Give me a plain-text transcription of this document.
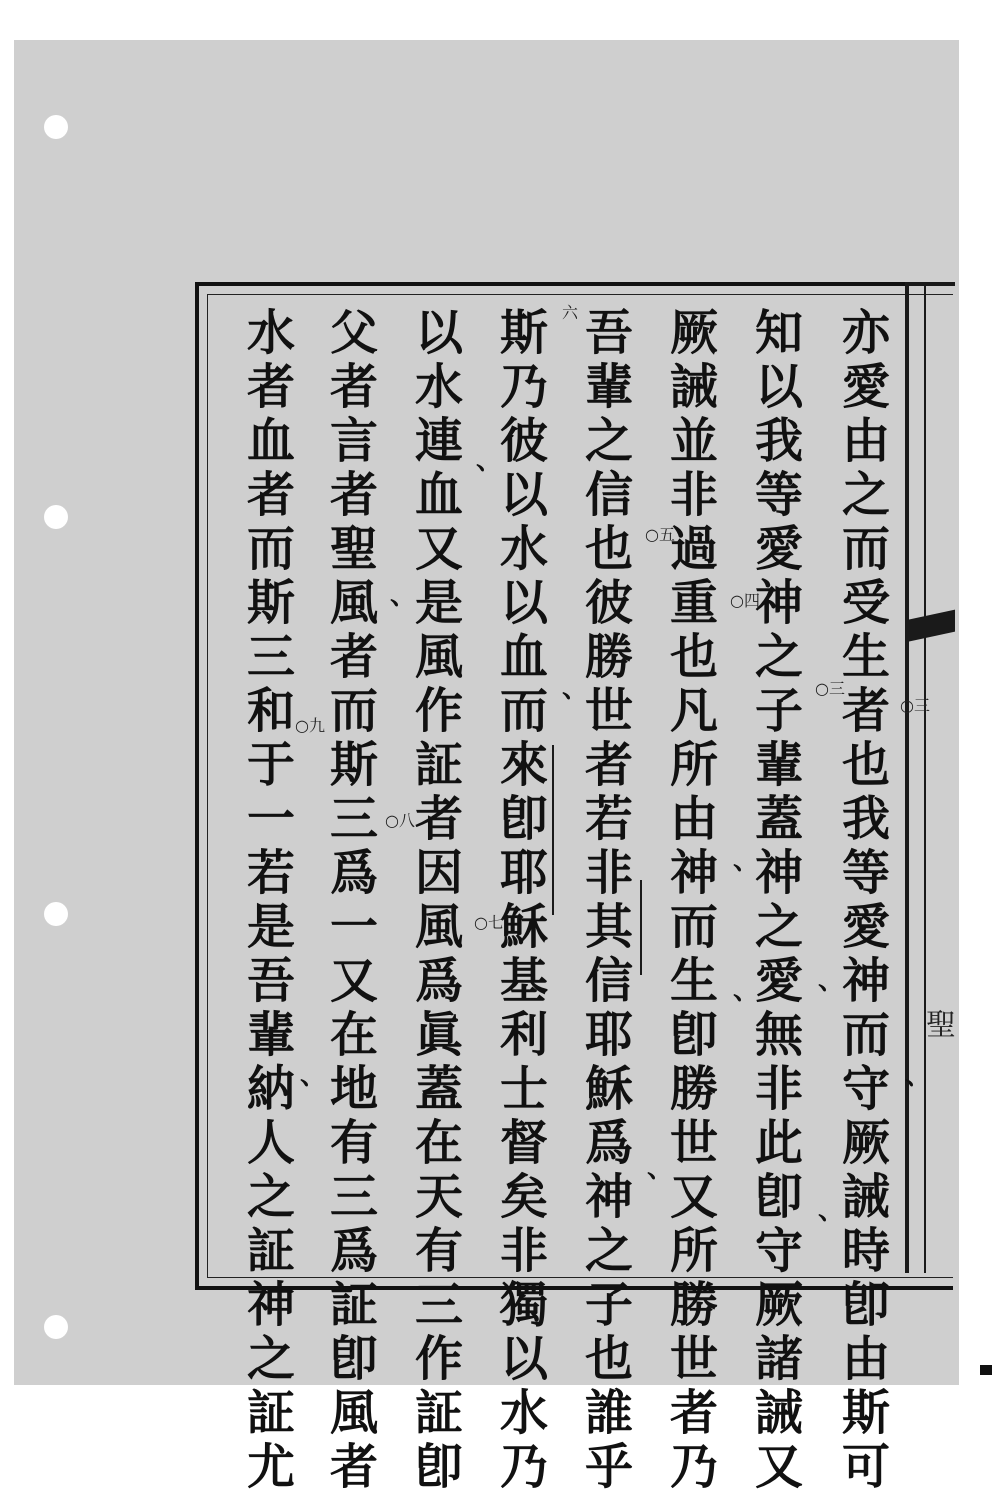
聖
亦
愛
由
之
而
受
生
者
也
我
等
愛
神
而
守
厥
誡
時
卽
由
斯
可
知
以
我
等
愛
神
之
子
輩
蓋
神
之
愛
無
非
此
卽
守
厥
諸
誡
又
厥
誡
並
非
過
重
也
凡
所
由
神
而
生
卽
勝
世
又
所
勝
世
者
乃
吾
輩
之
信
也
彼
勝
世
者
若
非
其
信
耶
穌
爲
神
之
子
也
誰
乎
斯
乃
彼
以
水
以
血
而
來
卽
耶
穌
基
利
士
督
矣
非
獨
以
水
乃
以
水
連
血
又
是
風
作
証
者
因
風
爲
眞
蓋
在
天
有
三
作
証
卽
父
者
言
者
聖
風
者
而
斯
三
爲
一
又
在
地
有
三
爲
証
卽
風
者
水
者
血
者
而
斯
三
和
于
一
若
是
吾
輩
納
人
之
証
神
之
証
尤
○三
○三
○四
○五
六
○七
○八
○九
、
、
、
、
、
、
、
、
、
、
